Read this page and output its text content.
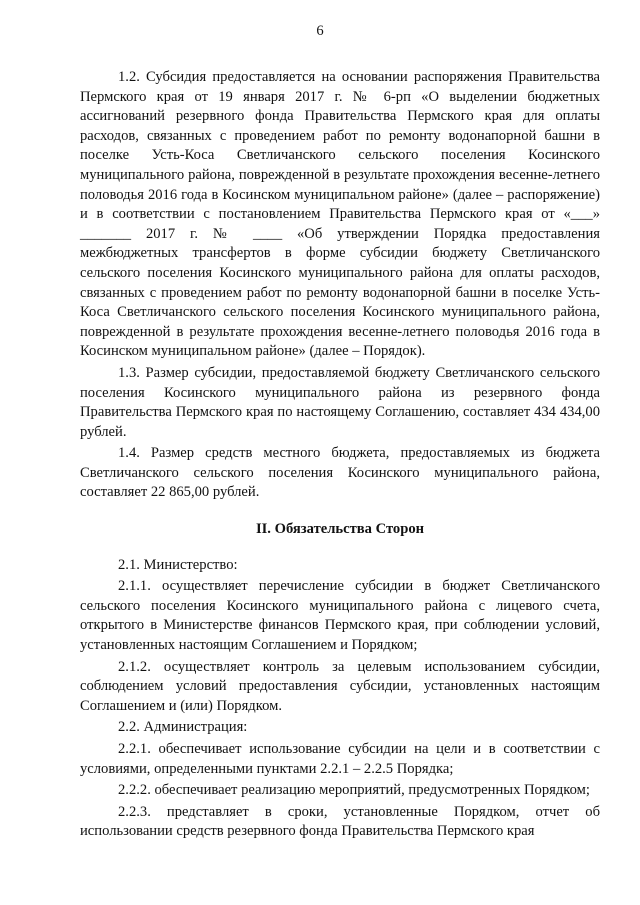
6

1.2. Субсидия предоставляется на основании распоряжения Правительства Пермского края от 19 января 2017 г. № 6-рп «О выделении бюджетных ассигнований резервного фонда Правительства Пермского края для оплаты расходов, связанных с проведением работ по ремонту водонапорной башни в поселке Усть-Коса Светличанского сельского поселения Косинского муниципального района, поврежденной в результате прохождения весенне-летнего половодья 2016 года в Косинском муниципальном районе» (далее – распоряжение) и в соответствии с постановлением Правительства Пермского края от «___» _______ 2017 г. № ____ «Об утверждении Порядка предоставления межбюджетных трансфертов в форме субсидии бюджету Светличанского сельского поселения Косинского муниципального района для оплаты расходов, связанных с проведением работ по ремонту водонапорной башни в поселке Усть-Коса Светличанского сельского поселения Косинского муниципального района, поврежденной в результате прохождения весенне-летнего половодья 2016 года в Косинском муниципальном районе» (далее – Порядок).

1.3. Размер субсидии, предоставляемой бюджету Светличанского сельского поселения Косинского муниципального района из резервного фонда Правительства Пермского края по настоящему Соглашению, составляет 434 434,00 рублей.

1.4. Размер средств местного бюджета, предоставляемых из бюджета Светличанского сельского поселения Косинского муниципального района, составляет 22 865,00 рублей.

II. Обязательства Сторон

2.1. Министерство:

2.1.1. осуществляет перечисление субсидии в бюджет Светличанского сельского поселения Косинского муниципального района с лицевого счета, открытого в Министерстве финансов Пермского края, при соблюдении условий, установленных настоящим Соглашением и Порядком;

2.1.2. осуществляет контроль за целевым использованием субсидии, соблюдением условий предоставления субсидии, установленных настоящим Соглашением и (или) Порядком.

2.2. Администрация:

2.2.1. обеспечивает использование субсидии на цели и в соответствии с условиями, определенными пунктами 2.2.1 – 2.2.5 Порядка;

2.2.2. обеспечивает реализацию мероприятий, предусмотренных Порядком;

2.2.3. представляет в сроки, установленные Порядком, отчет об использовании средств резервного фонда Правительства Пермского края
